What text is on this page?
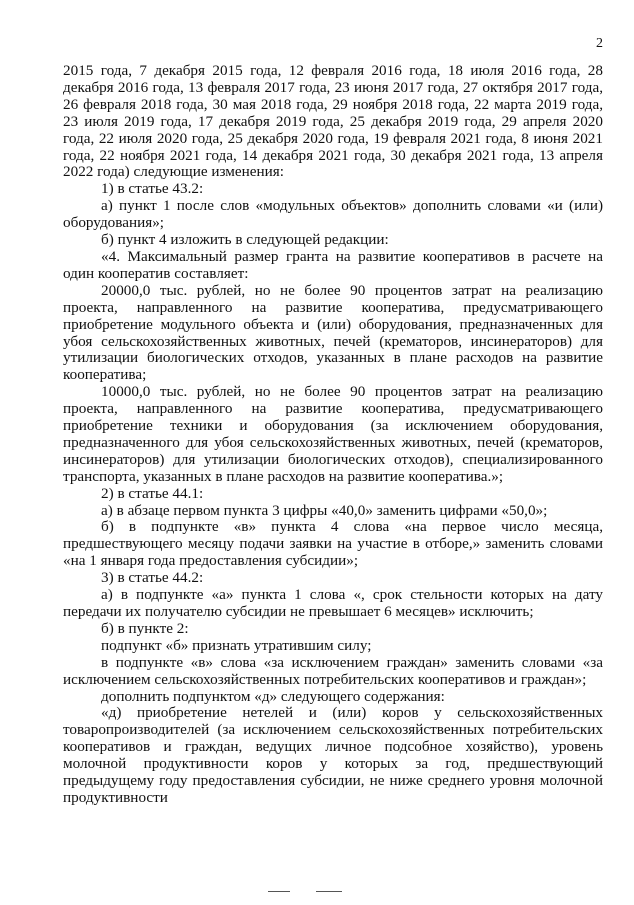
2

2015 года, 7 декабря 2015 года, 12 февраля 2016 года, 18 июля 2016 года, 28 декабря 2016 года, 13 февраля 2017 года, 23 июня 2017 года, 27 октября 2017 года, 26 февраля 2018 года, 30 мая 2018 года, 29 ноября 2018 года, 22 марта 2019 года, 23 июля 2019 года, 17 декабря 2019 года, 25 декабря 2019 года, 29 апреля 2020 года, 22 июля 2020 года, 25 декабря 2020 года, 19 февраля 2021 года, 8 июня 2021 года, 22 ноября 2021 года, 14 декабря 2021 года, 30 декабря 2021 года, 13 апреля 2022 года) следующие изменения:

1) в статье 43.2:

а) пункт 1 после слов «модульных объектов» дополнить словами «и (или) оборудования»;

б) пункт 4 изложить в следующей редакции:

«4. Максимальный размер гранта на развитие кооперативов в расчете на один кооператив составляет:

20000,0 тыс. рублей, но не более 90 процентов затрат на реализацию проекта, направленного на развитие кооператива, предусматривающего приобретение модульного объекта и (или) оборудования, предназначенных для убоя сельскохозяйственных животных, печей (крематоров, инсинераторов) для утилизации биологических отходов, указанных в плане расходов на развитие кооператива;

10000,0 тыс. рублей, но не более 90 процентов затрат на реализацию проекта, направленного на развитие кооператива, предусматривающего приобретение техники и оборудования (за исключением оборудования, предназначенного для убоя сельскохозяйственных животных, печей (крематоров, инсинераторов) для утилизации биологических отходов), специализированного транспорта, указанных в плане расходов на развитие кооператива.»;

2) в статье 44.1:

а) в абзаце первом пункта 3 цифры «40,0» заменить цифрами «50,0»;

б) в подпункте «в» пункта 4 слова «на первое число месяца, предшествующего месяцу подачи заявки на участие в отборе,» заменить словами «на 1 января года предоставления субсидии»;

3) в статье 44.2:

а) в подпункте «а» пункта 1 слова «, срок стельности которых на дату передачи их получателю субсидии не превышает 6 месяцев» исключить;

б) в пункте 2:

подпункт «б» признать утратившим силу;

в подпункте «в» слова «за исключением граждан» заменить словами «за исключением сельскохозяйственных потребительских кооперативов и граждан»;

дополнить подпунктом «д» следующего содержания:

«д) приобретение нетелей и (или) коров у сельскохозяйственных товаропроизводителей (за исключением сельскохозяйственных потребительских кооперативов и граждан, ведущих личное подсобное хозяйство), уровень молочной продуктивности коров у которых за год, предшествующий предыдущему году предоставления субсидии, не ниже среднего уровня молочной продуктивности
